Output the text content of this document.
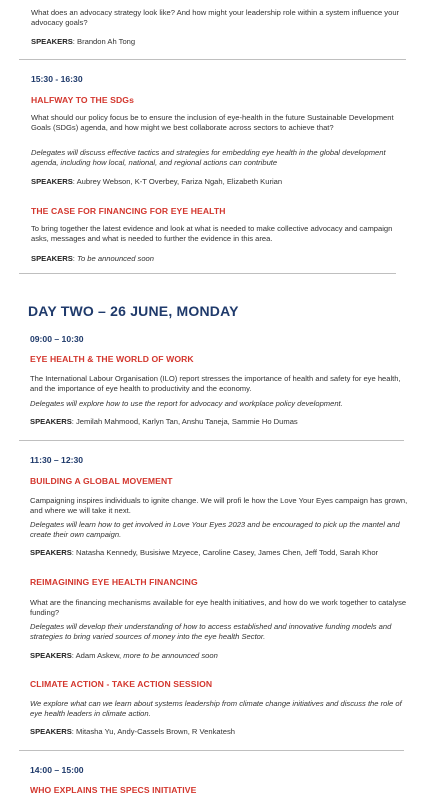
What does an advocacy strategy look like? And how might your leadership role within a system influence your advocacy goals?

SPEAKERS: Brandon Ah Tong
15:30 - 16:30
HALFWAY TO THE SDGs

What should our policy focus be to ensure the inclusion of eye-health in the future Sustainable Development Goals (SDGs) agenda, and how might we best collaborate across sectors to achieve that?

Delegates will discuss effective tactics and strategies for embedding eye health in the global development agenda, including how local, national, and regional actions can contribute

SPEAKERS: Aubrey Webson, K-T Overbey, Fariza Ngah, Elizabeth Kurian
THE CASE FOR FINANCING FOR EYE HEALTH

To bring together the latest evidence and look at what is needed to make collective advocacy and campaign asks, messages and what is needed to further the evidence in this area.

SPEAKERS: To be announced soon
DAY TWO – 26 JUNE, MONDAY
09:00 – 10:30
EYE HEALTH & THE WORLD OF WORK

The International Labour Organisation (ILO) report stresses the importance of health and safety for eye health, and the importance of eye health to productivity and the economy.

Delegates will explore how to use the report for advocacy and workplace policy development.

SPEAKERS: Jemilah Mahmood, Karlyn Tan, Anshu Taneja, Sammie Ho Dumas
11:30 – 12:30
BUILDING A GLOBAL MOVEMENT

Campaigning inspires individuals to ignite change. We will profi le how the Love Your Eyes campaign has grown, and where we will take it next.

Delegates will learn how to get involved in Love Your Eyes 2023 and be encouraged to pick up the mantel and create their own campaign.

SPEAKERS: Natasha Kennedy, Busisiwe Mzyece, Caroline Casey, James Chen, Jeff Todd, Sarah Khor
REIMAGINING EYE HEALTH FINANCING

What are the financing mechanisms available for eye health initiatives, and how do we work together to catalyse funding?

Delegates will develop their understanding of how to access established and innovative funding models and strategies to bring varied sources of money into the eye health Sector.

SPEAKERS: Adam Askew, more to be announced soon
CLIMATE ACTION - TAKE ACTION SESSION

We explore what can we learn about systems leadership from climate change initiatives and discuss the role of eye health leaders in climate action.

SPEAKERS: Mitasha Yu, Andy-Cassels Brown, R Venkatesh
14:00 – 15:00
WHO EXPLAINS THE SPECS INITIATIVE
